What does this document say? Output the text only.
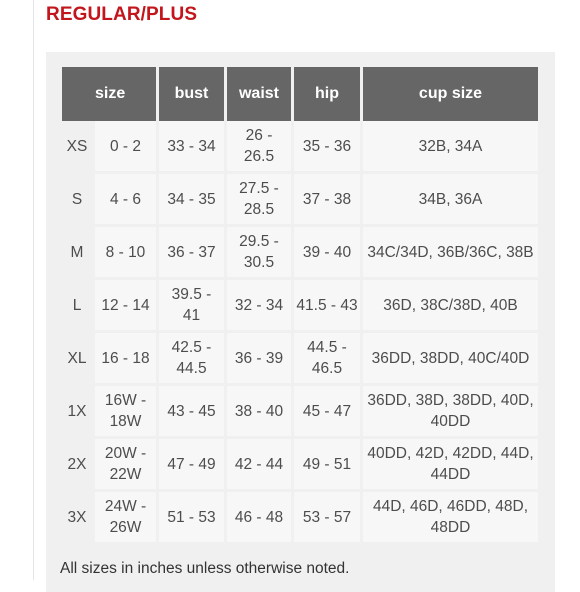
REGULAR/PLUS
size		bust	waist	hip	cup size
XS	0 - 2	33 - 34	26 - 26.5	35 - 36	32B, 34A
S	4 - 6	34 - 35	27.5 - 28.5	37 - 38	34B, 36A
M	8 - 10	36 - 37	29.5 - 30.5	39 - 40	34C/34D, 36B/36C, 38B
L	12 - 14	39.5 - 41	32 - 34	41.5 - 43	36D, 38C/38D, 40B
XL	16 - 18	42.5 - 44.5	36 - 39	44.5 - 46.5	36DD, 38DD, 40C/40D
1X	16W - 18W	43 - 45	38 - 40	45 - 47	36DD, 38D, 38DD, 40D, 40DD
2X	20W - 22W	47 - 49	42 - 44	49 - 51	40DD, 42D, 42DD, 44D, 44DD
3X	24W - 26W	51 - 53	46 - 48	53 - 57	44D, 46D, 46DD, 48D, 48DD
All sizes in inches unless otherwise noted.
